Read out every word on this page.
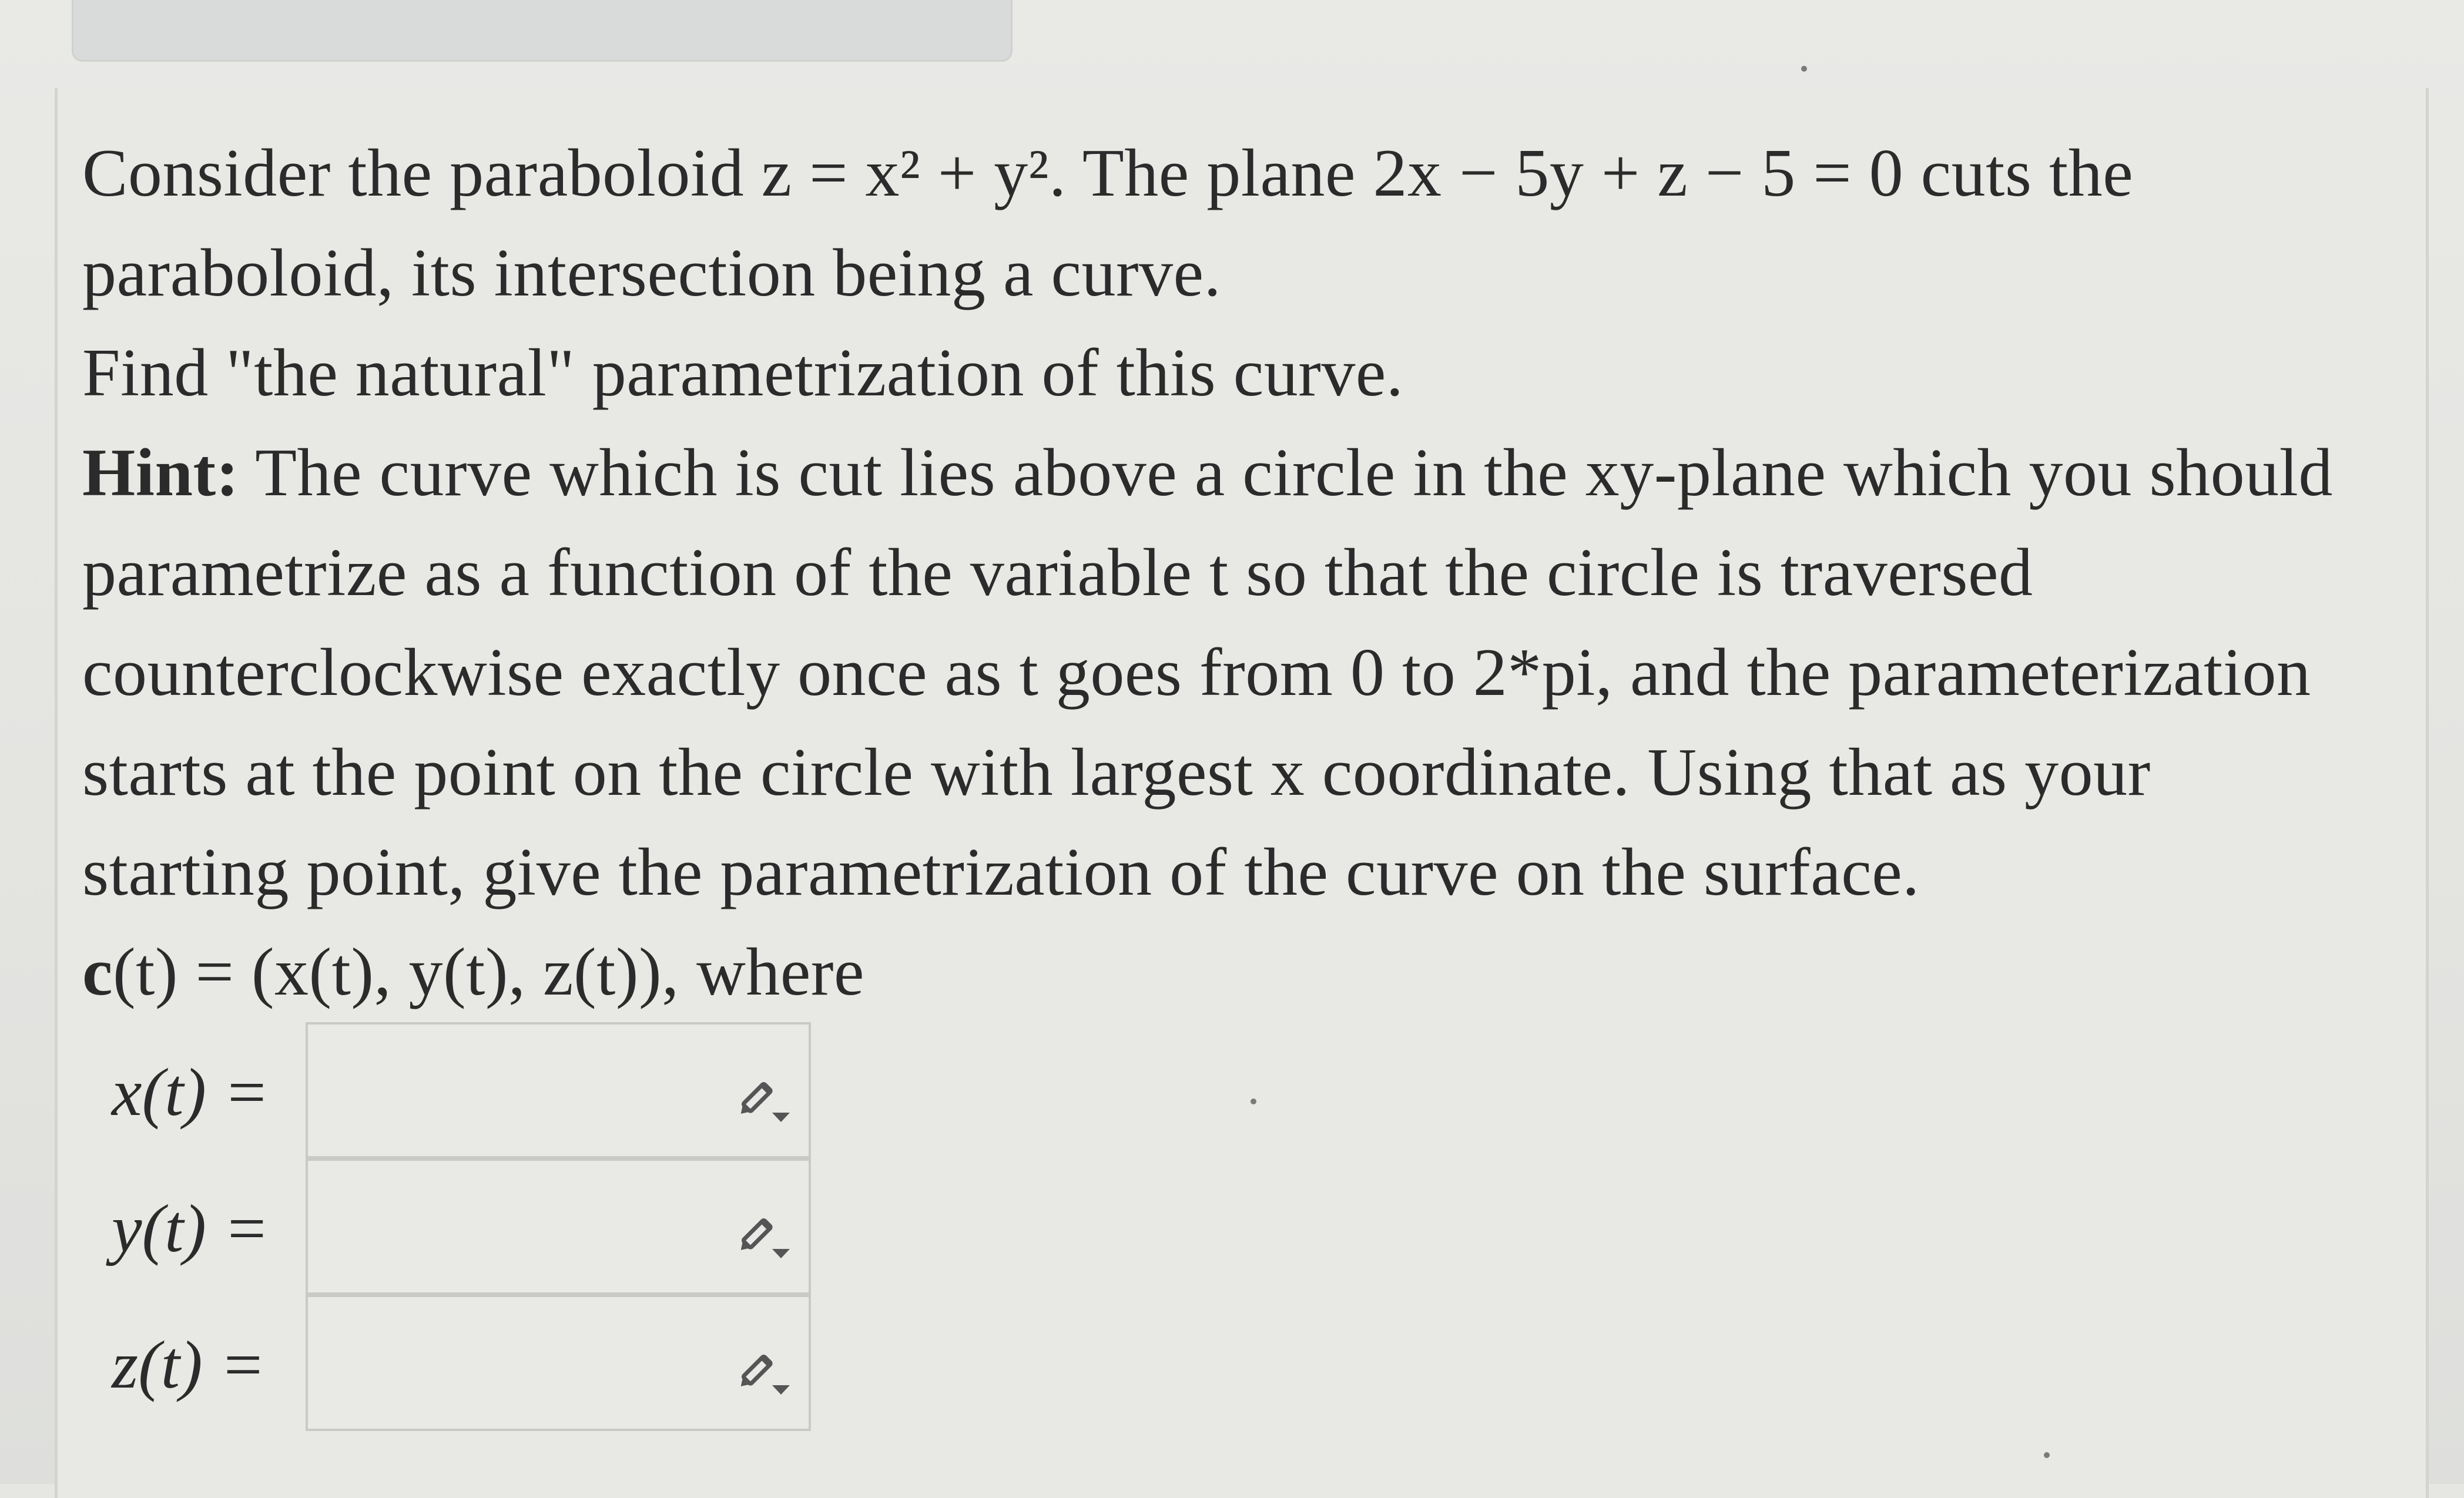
Consider the paraboloid z = x² + y². The plane 2x − 5y + z − 5 = 0 cuts the
paraboloid, its intersection being a curve.
Find "the natural" parametrization of this curve.
Hint: The curve which is cut lies above a circle in the xy-plane which you should
parametrize as a function of the variable t so that the circle is traversed
counterclockwise exactly once as t goes from 0 to 2*pi, and the parameterization
starts at the point on the circle with largest x coordinate. Using that as your
starting point, give the parametrization of the curve on the surface.
c(t) = (x(t), y(t), z(t)), where
x(t) =
y(t) =
z(t) =
